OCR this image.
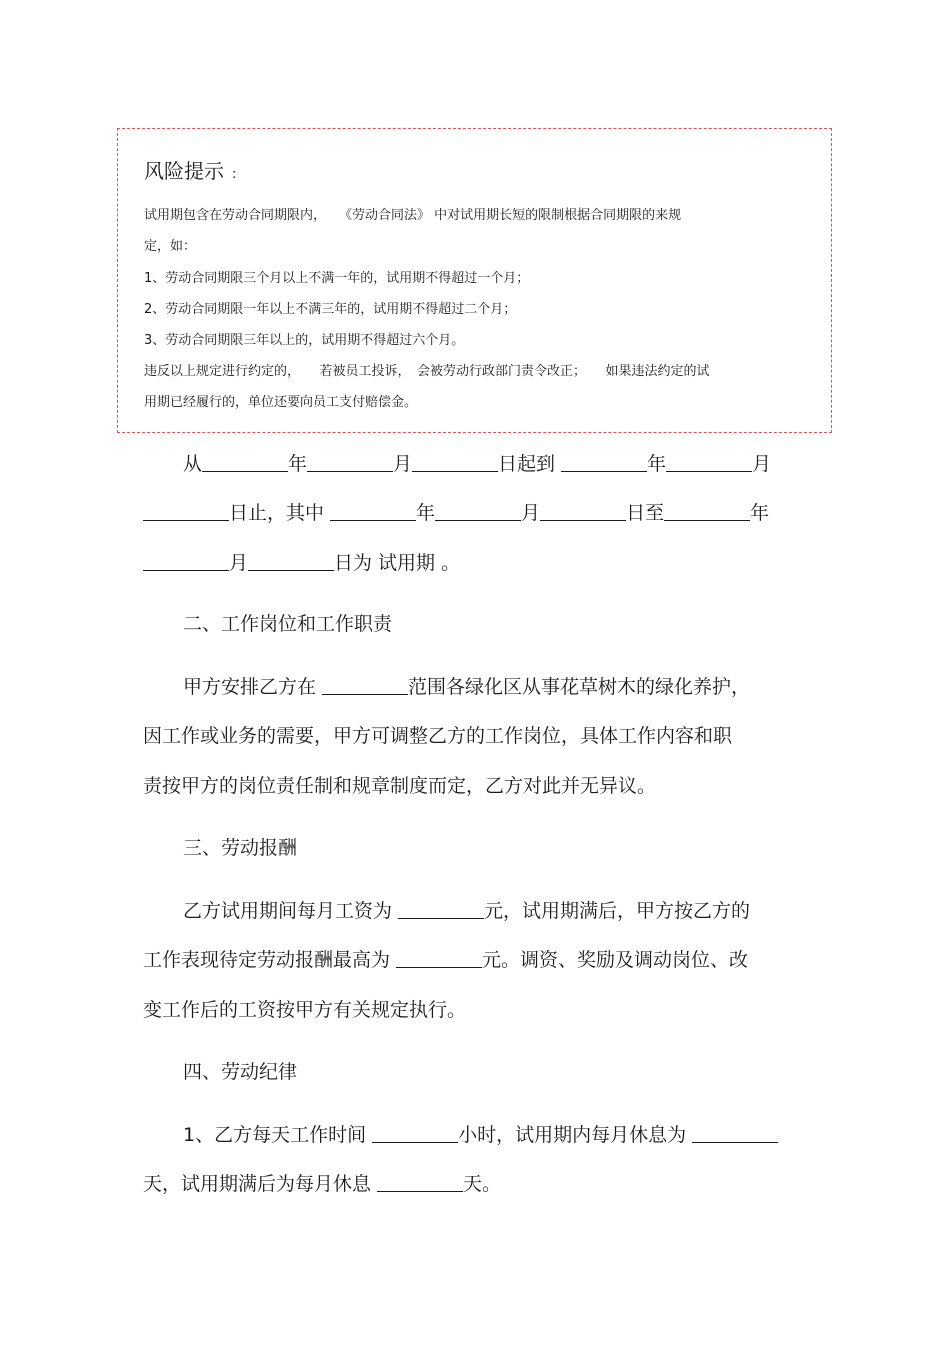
风险提示 :
试用期包含在劳动合同期限内，　　《劳动合同法》 中对试用期长短的限制根据合同期限的来规
定，如：
1、劳动合同期限三个月以上不满一年的，试用期不得超过一个月；
2、劳动合同期限一年以上不满三年的，试用期不得超过二个月；
3、劳动合同期限三年以上的，试用期不得超过六个月。
违反以上规定进行约定的，　　若被员工投诉，　会被劳动行政部门责令改正；　　如果违法约定的试
用期已经履行的，单位还要向员工支付赔偿金。
从	年	月	日起到	年	月
日止，其中	年	月	日至	年
月	日为 试用期 。
二、工作岗位和工作职责
甲方安排乙方在	范围各绿化区从事花草树木的绿化养护，
因工作或业务的需要，甲方可调整乙方的工作岗位，具体工作内容和职
责按甲方的岗位责任制和规章制度而定，乙方对此并无异议。
三、劳动报酬
乙方试用期间每月工资为	元，试用期满后，甲方按乙方的
工作表现待定劳动报酬最高为	元。调资、奖励及调动岗位、改
变工作后的工资按甲方有关规定执行。
四、劳动纪律
1、乙方每天工作时间	小时，试用期内每月休息为
天，试用期满后为每月休息	天。
